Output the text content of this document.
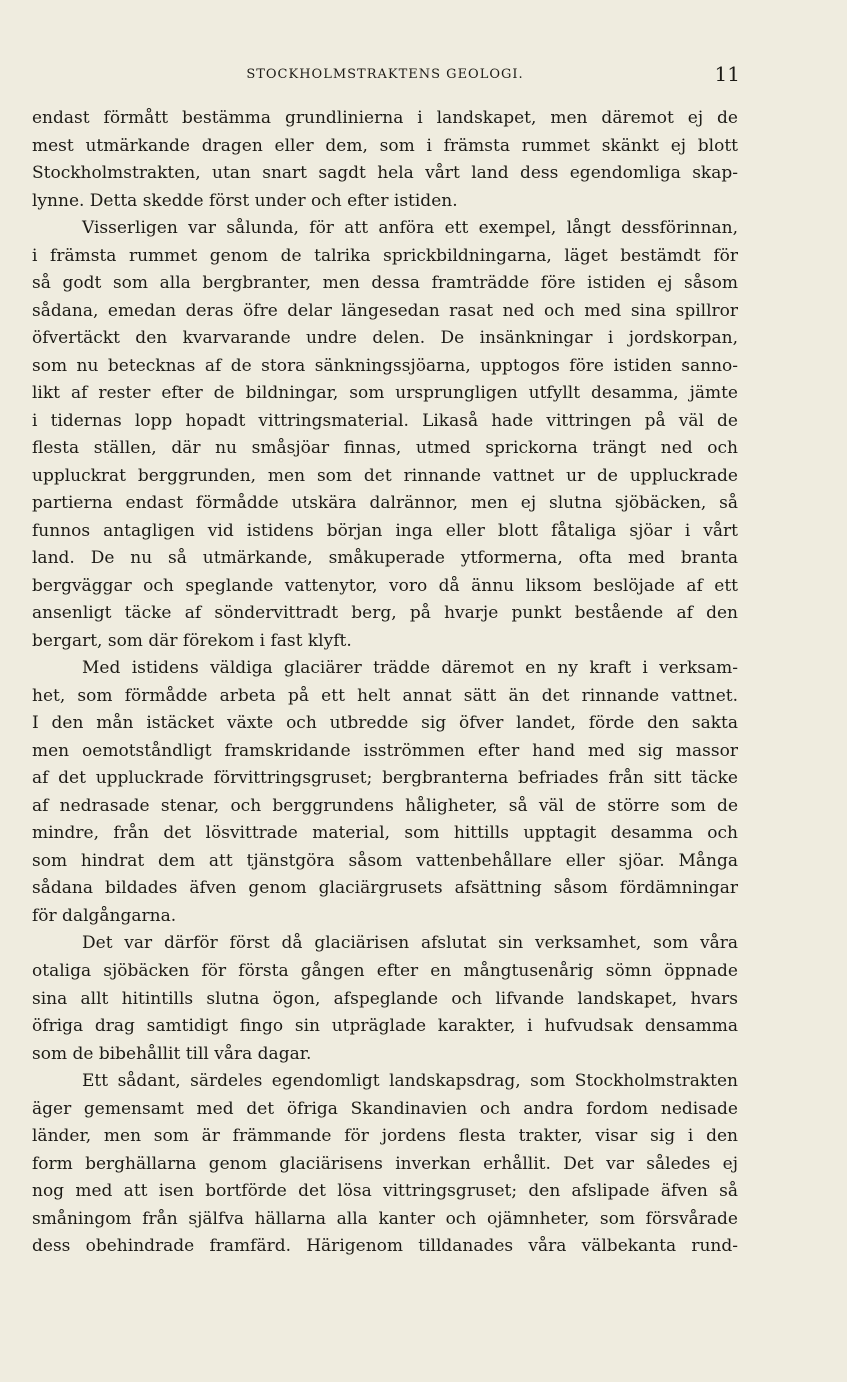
STOCKHOLMSTRAKTENS GEOLOGI.	11
endast förmått bestämma grundlinierna i landskapet, men däremot ej de
mest utmärkande dragen eller dem, som i främsta rummet skänkt ej blott
Stockholmstrakten, utan snart sagdt hela vårt land dess egendomliga skap-
lynne. Detta skedde först under och efter istiden.
Visserligen var sålunda, för att anföra ett exempel, långt dessförinnan,
i främsta rummet genom de talrika sprickbildningarna, läget bestämdt för
så godt som alla bergbranter, men dessa framträdde före istiden ej såsom
sådana, emedan deras öfre delar längesedan rasat ned och med sina spillror
öfvertäckt den kvarvarande undre delen. De insänkningar i jordskorpan,
som nu betecknas af de stora sänkningssjöarna, upptogos före istiden sanno-
likt af rester efter de bildningar, som ursprungligen utfyllt desamma, jämte
i tidernas lopp hopadt vittringsmaterial. Likaså hade vittringen på väl de
flesta ställen, där nu småsjöar finnas, utmed sprickorna trängt ned och
uppluckrat berggrunden, men som det rinnande vattnet ur de uppluckrade
partierna endast förmådde utskära dalrännor, men ej slutna sjöbäcken, så
funnos antagligen vid istidens början inga eller blott fåtaliga sjöar i vårt
land. De nu så utmärkande, småkuperade ytformerna, ofta med branta
bergväggar och speglande vattenytor, voro då ännu liksom beslöjade af ett
ansenligt täcke af söndervittradt berg, på hvarje punkt bestående af den
bergart, som där förekom i fast klyft.
Med istidens väldiga glaciärer trädde däremot en ny kraft i verksam-
het, som förmådde arbeta på ett helt annat sätt än det rinnande vattnet.
I den mån istäcket växte och utbredde sig öfver landet, förde den sakta
men oemotståndligt framskridande isströmmen efter hand med sig massor
af det uppluckrade förvittringsgruset; bergbranterna befriades från sitt täcke
af nedrasade stenar, och berggrundens håligheter, så väl de större som de
mindre, från det lösvittrade material, som hittills upptagit desamma och
som hindrat dem att tjänstgöra såsom vattenbehållare eller sjöar. Många
sådana bildades äfven genom glaciärgrusets afsättning såsom fördämningar
för dalgångarna.
Det var därför först då glaciärisen afslutat sin verksamhet, som våra
otaliga sjöbäcken för första gången efter en mångtusenårig sömn öppnade
sina allt hitintills slutna ögon, afspeglande och lifvande landskapet, hvars
öfriga drag samtidigt fingo sin utpräglade karakter, i hufvudsak densamma
som de bibehållit till våra dagar.
Ett sådant, särdeles egendomligt landskapsdrag, som Stockholmstrakten
äger gemensamt med det öfriga Skandinavien och andra fordom nedisade
länder, men som är främmande för jordens flesta trakter, visar sig i den
form berghällarna genom glaciärisens inverkan erhållit. Det var således ej
nog med att isen bortförde det lösa vittringsgruset; den afslipade äfven så
småningom från själfva hällarna alla kanter och ojämnheter, som försvårade
dess obehindrade framfärd. Härigenom tilldanades våra välbekanta rund-
